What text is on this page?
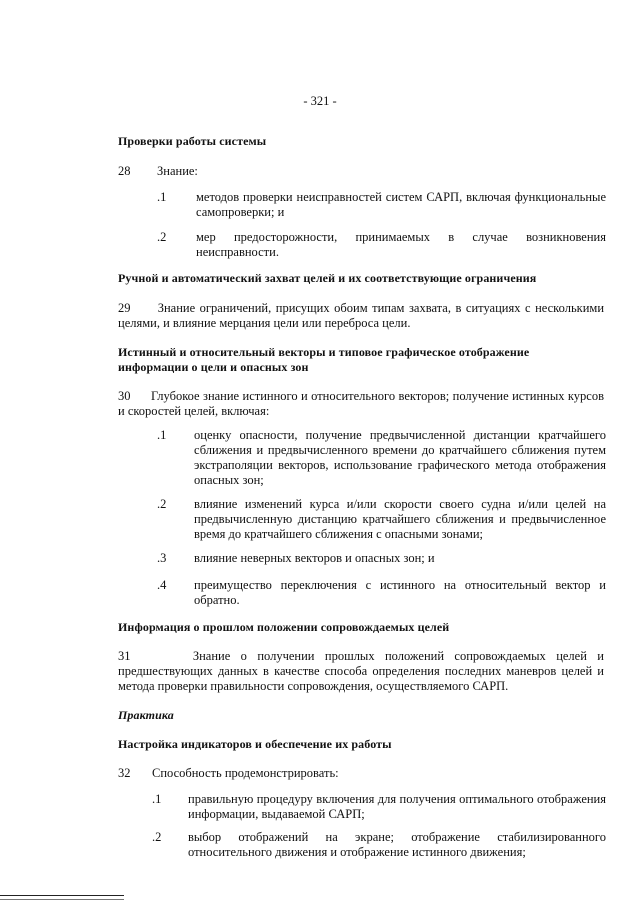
- 321 -
Проверки работы системы
28 Знание:
.1 методов проверки неисправностей систем САРП, включая функциональные самопроверки; и
.2 мер предосторожности, принимаемых в случае возникновения неисправности.
Ручной и автоматический захват целей и их соответствующие ограничения
29 Знание ограничений, присущих обоим типам захвата, в ситуациях с несколькими целями, и влияние мерцания цели или переброса цели.
Истинный и относительный векторы и типовое графическое отображение информации о цели и опасных зон
30 Глубокое знание истинного и относительного векторов; получение истинных курсов и скоростей целей, включая:
.1 оценку опасности, получение предвычисленной дистанции кратчайшего сближения и предвычисленного времени до кратчайшего сближения путем экстраполяции векторов, использование графического метода отображения опасных зон;
.2 влияние изменений курса и/или скорости своего судна и/или целей на предвычисленную дистанцию кратчайшего сближения и предвычисленное время до кратчайшего сближения с опасными зонами;
.3 влияние неверных векторов и опасных зон; и
.4 преимущество переключения с истинного на относительный вектор и обратно.
Информация о прошлом положении сопровождаемых целей
31	Знание о получении прошлых положений сопровождаемых целей и предшествующих данных в качестве способа определения последних маневров целей и метода проверки правильности сопровождения, осуществляемого САРП.
Практика
Настройка индикаторов и обеспечение их работы
32 Способность продемонстрировать:
.1 правильную процедуру включения для получения оптимального отображения информации, выдаваемой САРП;
.2 выбор отображений на экране; отображение стабилизированного относительного движения и отображение истинного движения;
